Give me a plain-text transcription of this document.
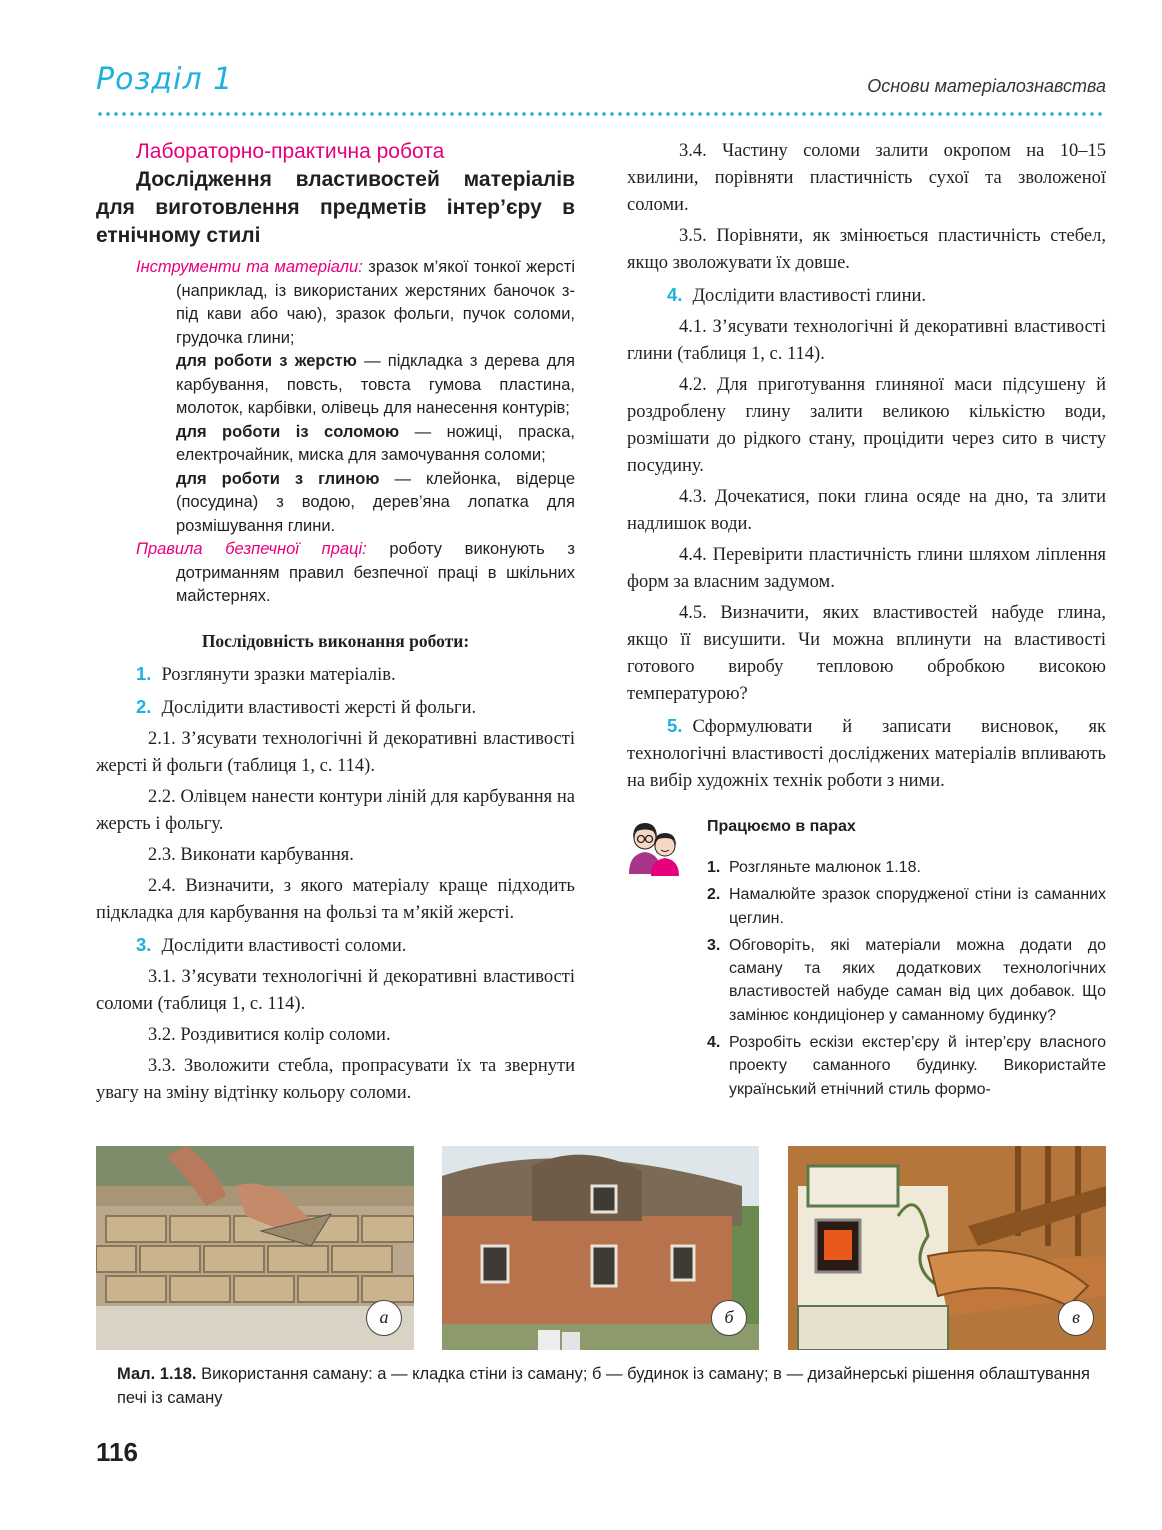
Розділ 1	Основи матеріалознавства
Лабораторно-практична робота
Дослідження властивостей матеріалів для виготовлення предметів інтер’єру в етнічному стилі

Інструменти та матеріали: зразок м’якої тонкої жерсті (наприклад, із використаних жерстяних баночок з-під кави або чаю), зразок фольги, пучок соломи, грудочка глини;

для роботи з жерстю — підкладка з дерева для карбування, повсть, товста гумова пластина, молоток, карбівки, олівець для нанесення контурів;

для роботи із соломою — ножиці, праска, електрочайник, миска для замочування соломи;

для роботи з глиною — клейонка, відерце (посудина) з водою, дерев’яна лопатка для розмішування глини.

Правила безпечної праці: роботу виконують з дотриманням правил безпечної праці в шкільних майстернях.

Послідовність виконання роботи:

1. Розглянути зразки матеріалів.

2. Дослідити властивості жерсті й фольги.

2.1. З’ясувати технологічні й декоративні властивості жерсті й фольги (таблиця 1, с. 114).

2.2. Олівцем нанести контури ліній для карбування на жерсть і фольгу.

2.3. Виконати карбування.

2.4. Визначити, з якого матеріалу краще підходить підкладка для карбування на фользі та м’якій жерсті.

3. Дослідити властивості соломи.

3.1. З’ясувати технологічні й декоративні властивості соломи (таблиця 1, с. 114).

3.2. Роздивитися колір соломи.

3.3. Зволожити стебла, пропрасувати їх та звернути увагу на зміну відтінку кольору соломи.

3.4. Частину соломи залити окропом на 10–15 хвилини, порівняти пластичність сухої та зволоженої соломи.

3.5. Порівняти, як змінюється пластичність стебел, якщо зволожувати їх довше.

4. Дослідити властивості глини.

4.1. З’ясувати технологічні й декоративні властивості глини (таблиця 1, с. 114).

4.2. Для приготування глиняної маси підсушену й роздроблену глину залити великою кількістю води, розмішати до рідкого стану, процідити через сито в чисту посудину.

4.3. Дочекатися, поки глина осяде на дно, та злити надлишок води.

4.4. Перевірити пластичність глини шляхом ліплення форм за власним задумом.

4.5. Визначити, яких властивостей набуде глина, якщо її висушити. Чи можна вплинути на властивості готового виробу тепловою обробкою високою температурою?

5. Сформулювати й записати висновок, як технологічні властивості досліджених матеріалів впливають на вибір художніх технік роботи з ними.

Працюємо в парах
1. Розгляньте малюнок 1.18.
2. Намалюйте зразок спорудженої стіни із саманних цеглин.
3. Обговоріть, які матеріали можна додати до саману та яких додаткових технологічних властивостей набуде саман від цих добавок. Що замінює кондиціонер у саманному будинку?
4. Розробіть ескізи екстер’єру й інтер’єру власного проекту саманного будинку. Використайте український етнічний стиль формо-
а	б	в
Мал. 1.18. Використання саману: а — кладка стіни із саману; б — будинок із саману; в — дизайнерські рішення облаштування печі із саману
116
